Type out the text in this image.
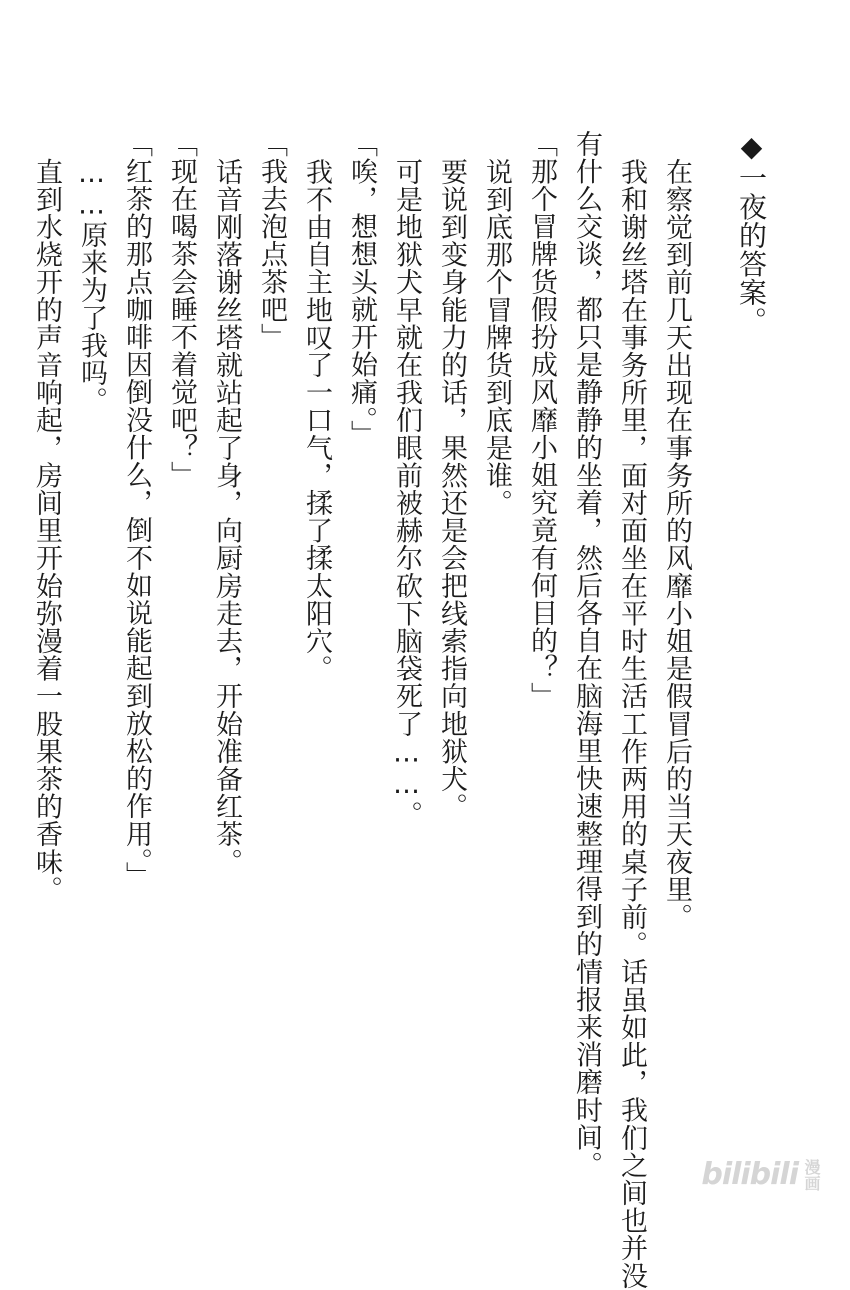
◆一夜的答案。
在察觉到前几天出现在事务所的风靡小姐是假冒后的当天夜里。
我和谢丝塔在事务所里，面对面坐在平时生活工作两用的桌子前。话虽如此，我们之间也并没
有什么交谈，都只是静静的坐着，然后各自在脑海里快速整理得到的情报来消磨时间。
「那个冒牌货假扮成风靡小姐究竟有何目的？」
说到底那个冒牌货到底是谁。
要说到变身能力的话，果然还是会把线索指向地狱犬。
可是地狱犬早就在我们眼前被赫尔砍下脑袋死了……。
「唉，想想头就开始痛。」
我不由自主地叹了一口气，揉了揉太阳穴。
「我去泡点茶吧」
话音刚落谢丝塔就站起了身，向厨房走去，开始准备红茶。
「现在喝茶会睡不着觉吧？」
「红茶的那点咖啡因倒没什么，倒不如说能起到放松的作用。」
……原来为了我吗。
直到水烧开的声音响起，房间里开始弥漫着一股果茶的香味。
bilibili 漫画
